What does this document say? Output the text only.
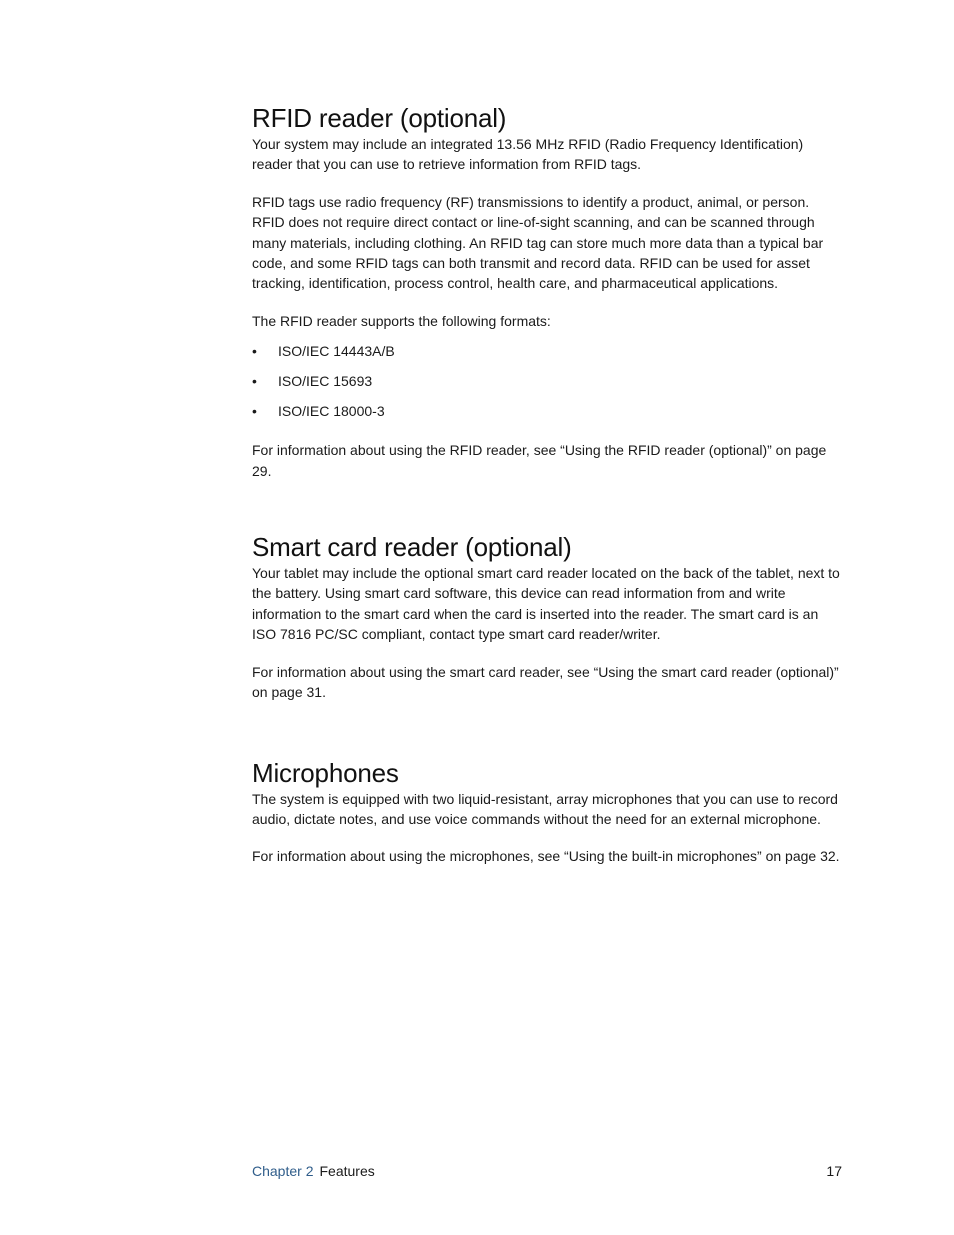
RFID reader (optional)

Your system may include an integrated 13.56 MHz RFID (Radio Frequency Identification) reader that you can use to retrieve information from RFID tags.

RFID tags use radio frequency (RF) transmissions to identify a product, animal, or person. RFID does not require direct contact or line-of-sight scanning, and can be scanned through many materials, including clothing. An RFID tag can store much more data than a typical bar code, and some RFID tags can both transmit and record data. RFID can be used for asset tracking, identification, process control, health care, and pharmaceutical applications.

The RFID reader supports the following formats:

• ISO/IEC 14443A/B
• ISO/IEC 15693
• ISO/IEC 18000-3

For information about using the RFID reader, see “Using the RFID reader (optional)” on page 29.

Smart card reader (optional)

Your tablet may include the optional smart card reader located on the back of the tablet, next to the battery. Using smart card software, this device can read information from and write information to the smart card when the card is inserted into the reader. The smart card is an ISO 7816 PC/SC compliant, contact type smart card reader/writer.

For information about using the smart card reader, see “Using the smart card reader (optional)” on page 31.

Microphones

The system is equipped with two liquid-resistant, array microphones that you can use to record audio, dictate notes, and use voice commands without the need for an external microphone.

For information about using the microphones, see “Using the built-in microphones” on page 32.

Chapter 2 Features	17
